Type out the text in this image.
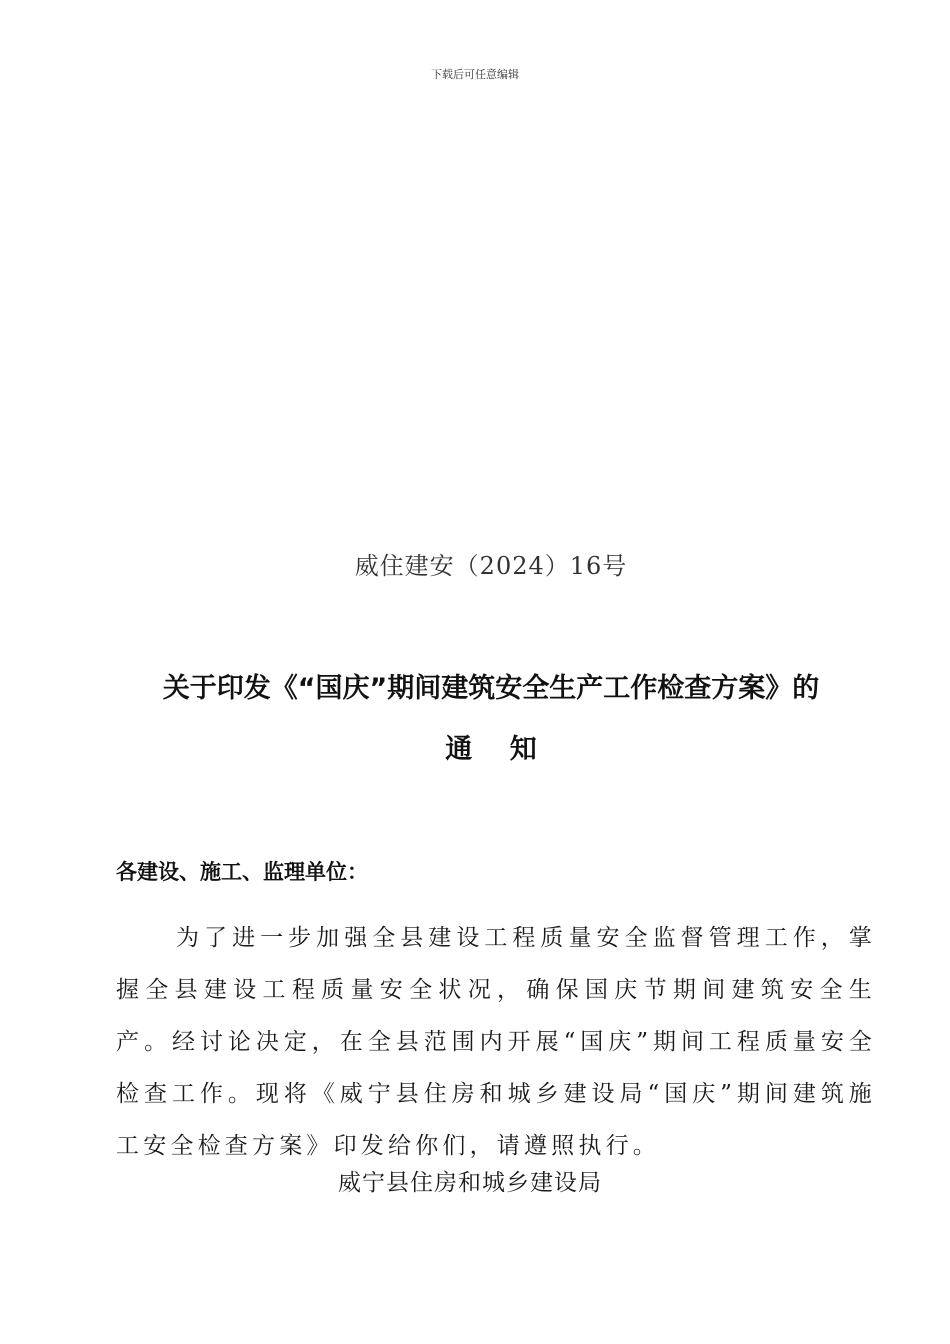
下载后可任意编辑
威住建安（2024）16号
关于印发《“国庆”期间建筑安全生产工作检查方案》的
通 知
各建设、施工、监理单位：
为了进一步加强全县建设工程质量安全监督管理工作，掌握全县建设工程质量安全状况，确保国庆节期间建筑安全生产。经讨论决定，在全县范围内开展“国庆”期间工程质量安全检查工作。现将《威宁县住房和城乡建设局“国庆”期间建筑施工安全检查方案》印发给你们，请遵照执行。
威宁县住房和城乡建设局
